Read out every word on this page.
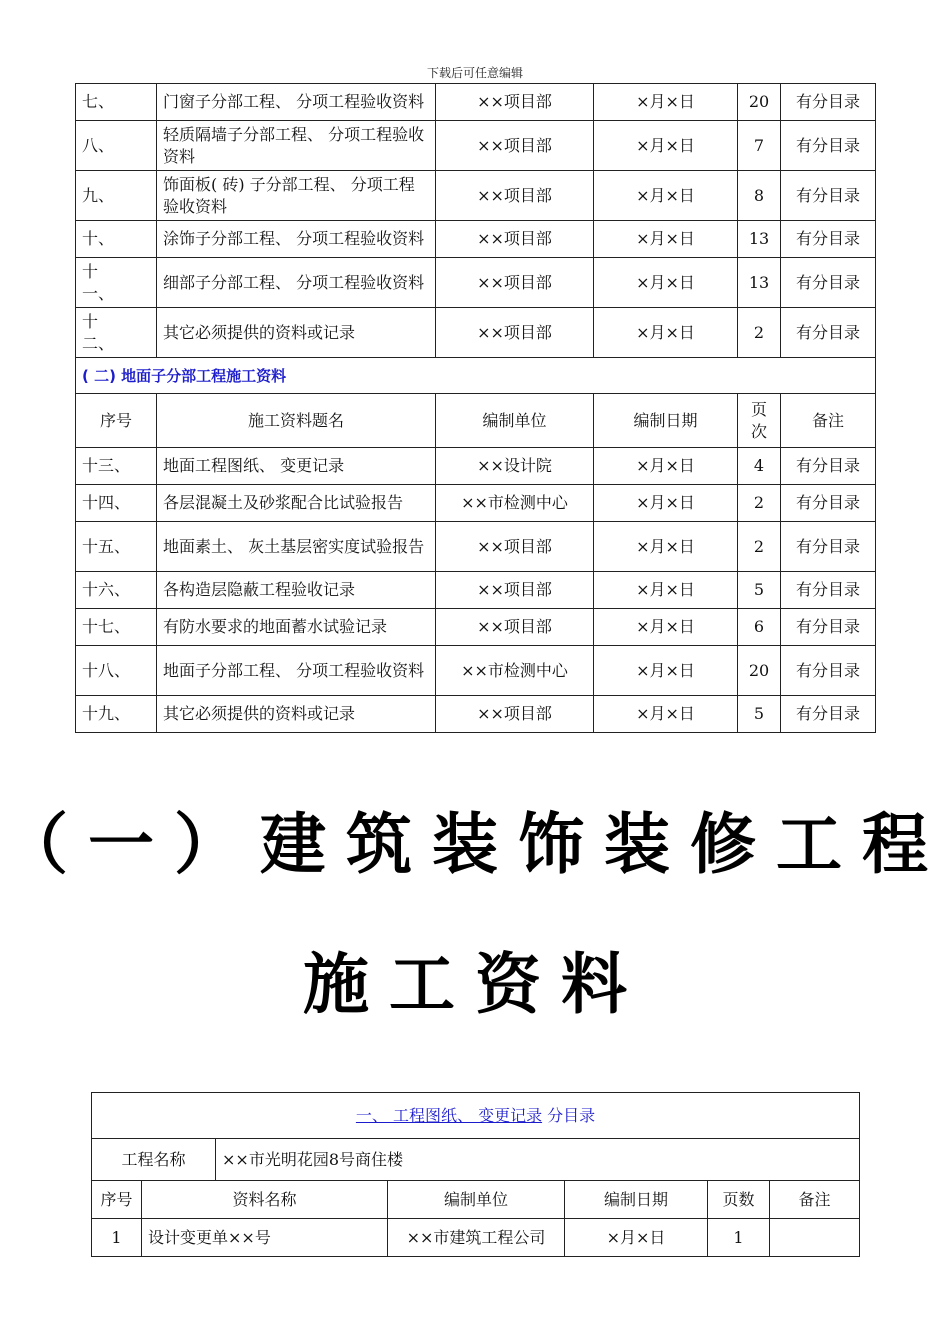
下载后可任意编辑
七、	门窗子分部工程、 分项工程验收资料	××项目部	×月×日	20	有分目录
八、	轻质隔墙子分部工程、 分项工程验收资料	××项目部	×月×日	7	有分目录
九、	饰面板( 砖) 子分部工程、 分项工程验收资料	××项目部	×月×日	8	有分目录
十、	涂饰子分部工程、 分项工程验收资料	××项目部	×月×日	13	有分目录
十一、	细部子分部工程、 分项工程验收资料	××项目部	×月×日	13	有分目录
十二、	其它必须提供的资料或记录	××项目部	×月×日	2	有分目录
( 二) 地面子分部工程施工资料					
序号	施工资料题名	编制单位	编制日期	页次	备注
十三、	地面工程图纸、 变更记录	××设计院	×月×日	4	有分目录
十四、	各层混凝土及砂浆配合比试验报告	××市检测中心	×月×日	2	有分目录
十五、	地面素土、 灰土基层密实度试验报告	××项目部	×月×日	2	有分目录
十六、	各构造层隐蔽工程验收记录	××项目部	×月×日	5	有分目录
十七、	有防水要求的地面蓄水试验记录	××项目部	×月×日	6	有分目录
十八、	地面子分部工程、 分项工程验收资料	××市检测中心	×月×日	20	有分目录
十九、	其它必须提供的资料或记录	××项目部	×月×日	5	有分目录
（一）建筑装饰装修工程
施工资料
一、 工程图纸、 变更记录 分目录						
工程名称		××市光明花园8号商住楼				
序号	资料名称		编制单位	编制日期	页数	备注
1	设计变更单××号		××市建筑工程公司	×月×日	1	
